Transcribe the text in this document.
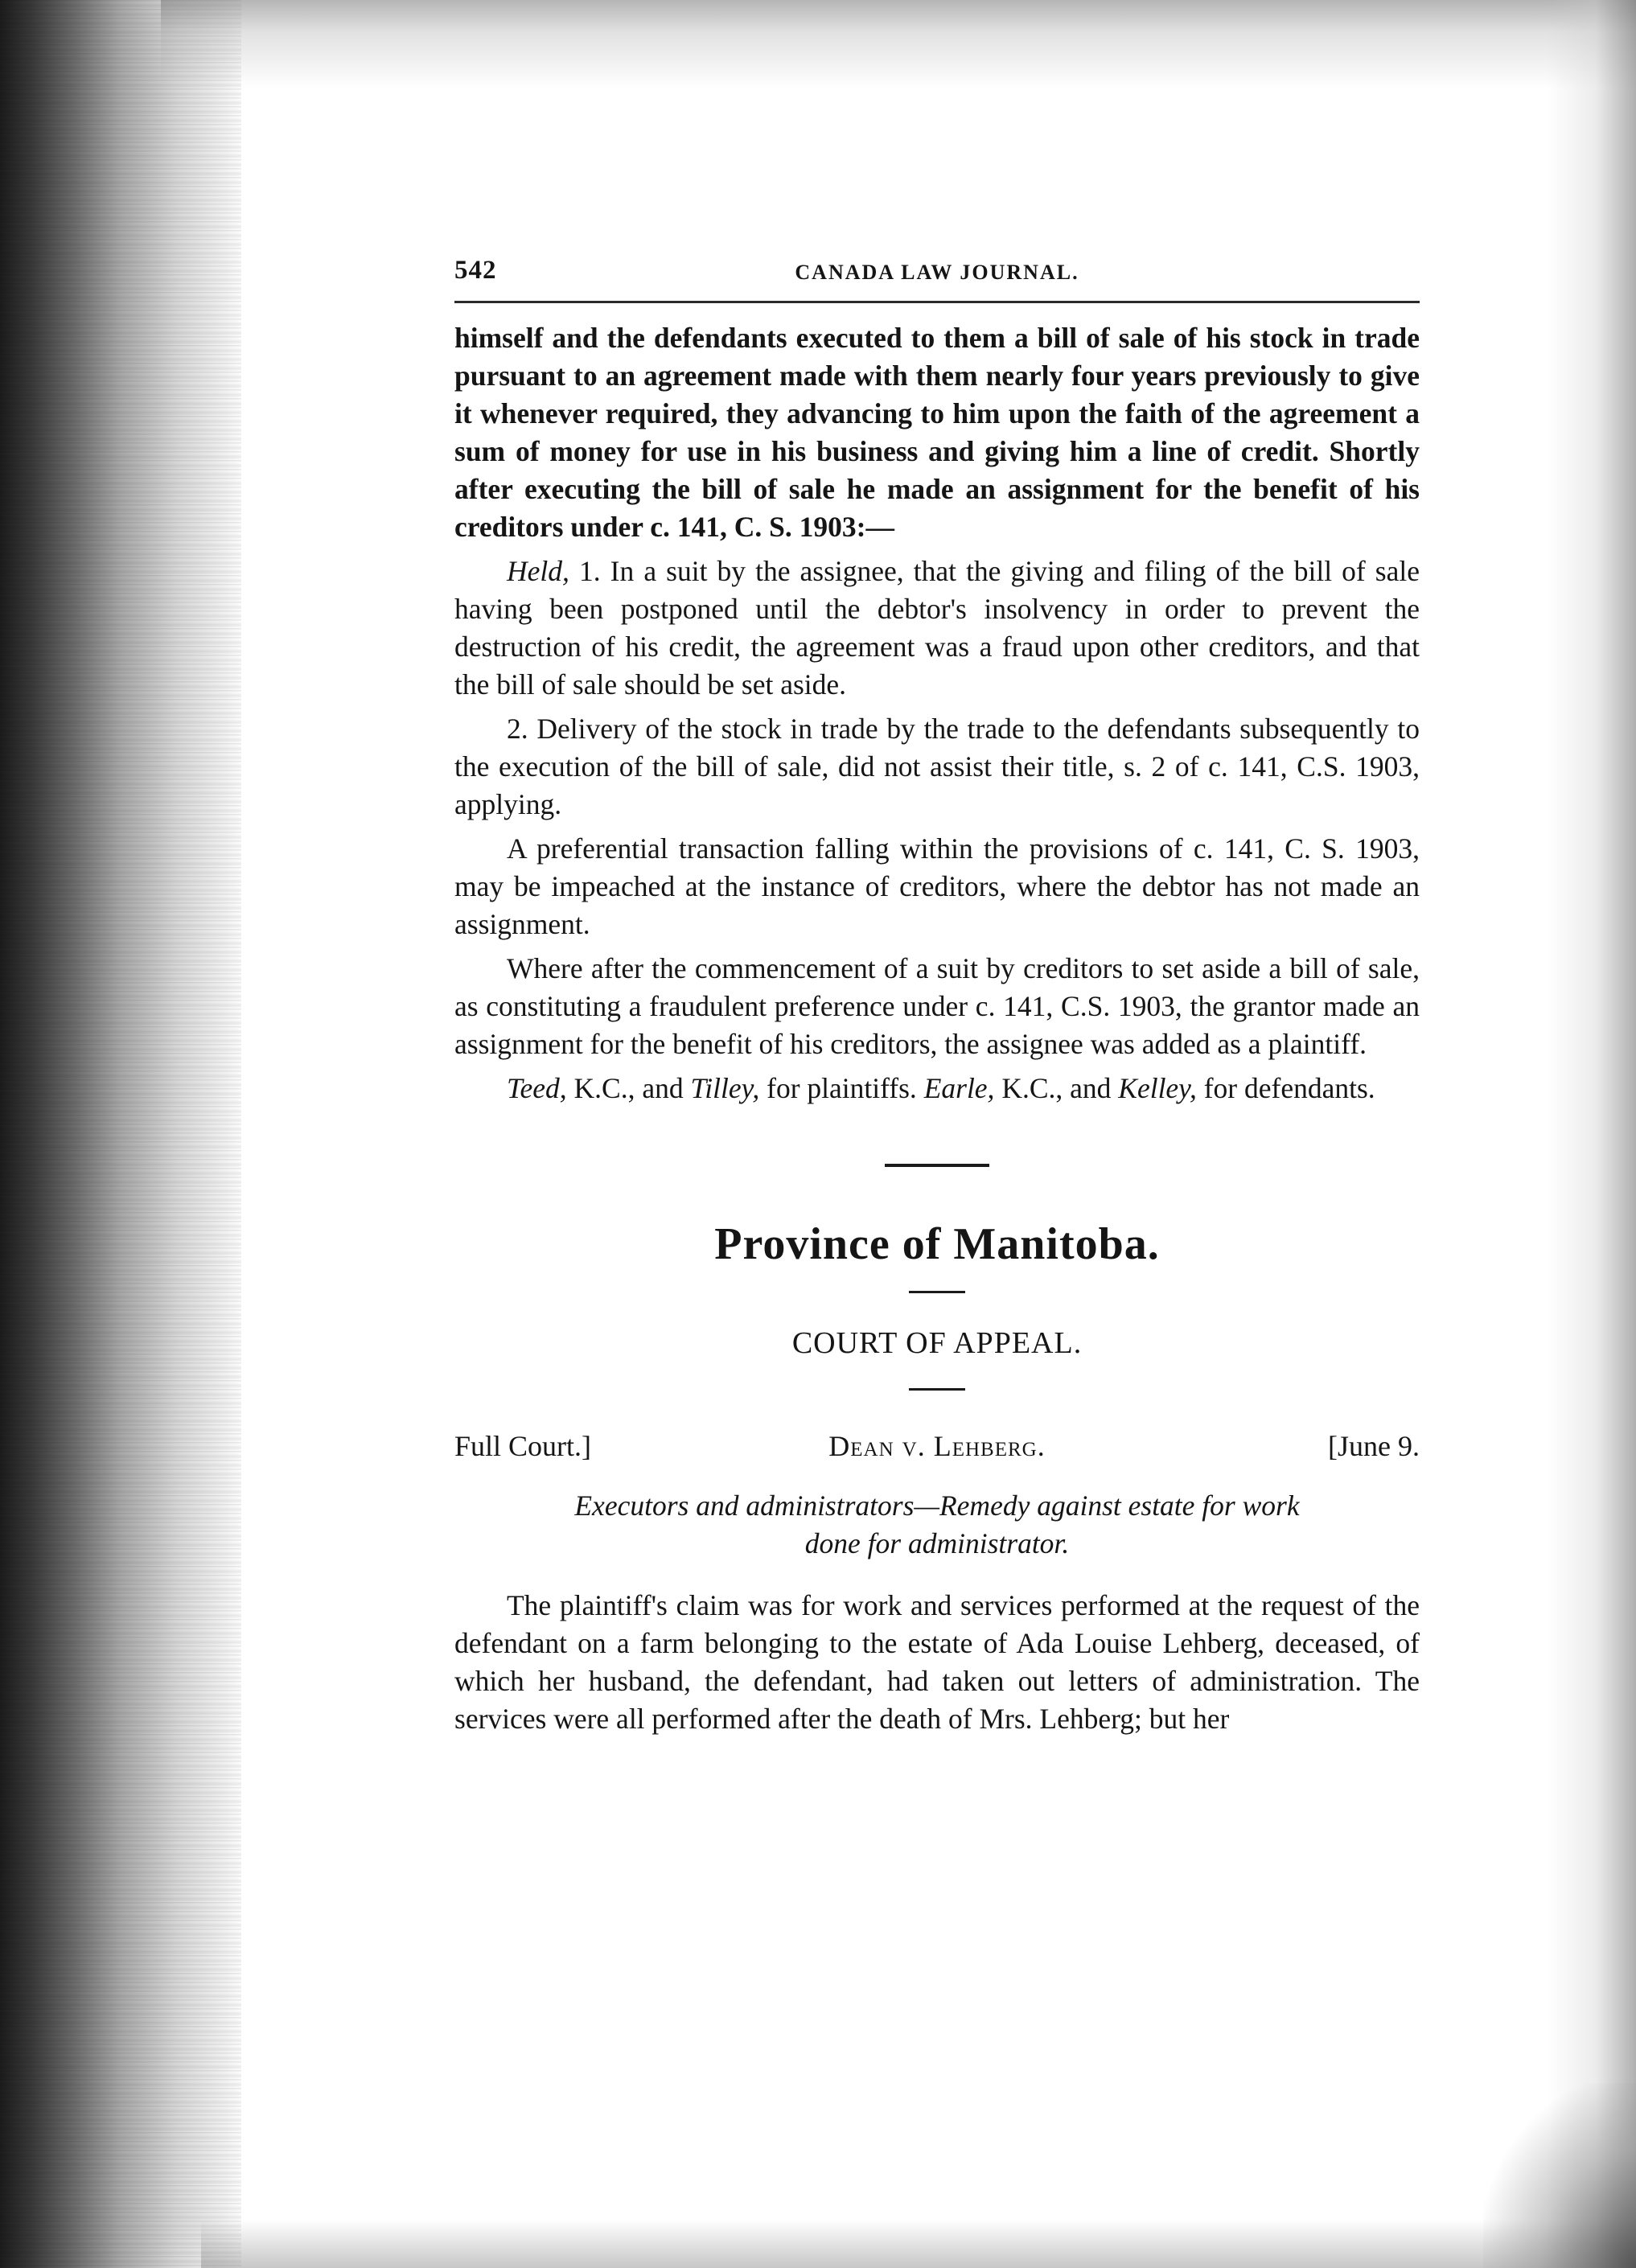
542	CANADA LAW JOURNAL.

himself and the defendants executed to them a bill of sale of his stock in trade pursuant to an agreement made with them nearly four years previously to give it whenever required, they advancing to him upon the faith of the agreement a sum of money for use in his business and giving him a line of credit. Shortly after executing the bill of sale he made an assignment for the benefit of his creditors under c. 141, C. S. 1903:—

Held, 1. In a suit by the assignee, that the giving and filing of the bill of sale having been postponed until the debtor's insolvency in order to prevent the destruction of his credit, the agreement was a fraud upon other creditors, and that the bill of sale should be set aside.

2. Delivery of the stock in trade by the trade to the defendants subsequently to the execution of the bill of sale, did not assist their title, s. 2 of c. 141, C.S. 1903, applying.

A preferential transaction falling within the provisions of c. 141, C. S. 1903, may be impeached at the instance of creditors, where the debtor has not made an assignment.

Where after the commencement of a suit by creditors to set aside a bill of sale, as constituting a fraudulent preference under c. 141, C.S. 1903, the grantor made an assignment for the benefit of his creditors, the assignee was added as a plaintiff.

Teed, K.C., and Tilley, for plaintiffs. Earle, K.C., and Kelley, for defendants.

Province of Manitoba.
COURT OF APPEAL.
Full Court.]	Dean v. Lehberg.	[June 9.
Executors and administrators—Remedy against estate for work
done for administrator.

The plaintiff's claim was for work and services performed at the request of the defendant on a farm belonging to the estate of Ada Louise Lehberg, deceased, of which her husband, the defendant, had taken out letters of administration. The services were all performed after the death of Mrs. Lehberg; but her
